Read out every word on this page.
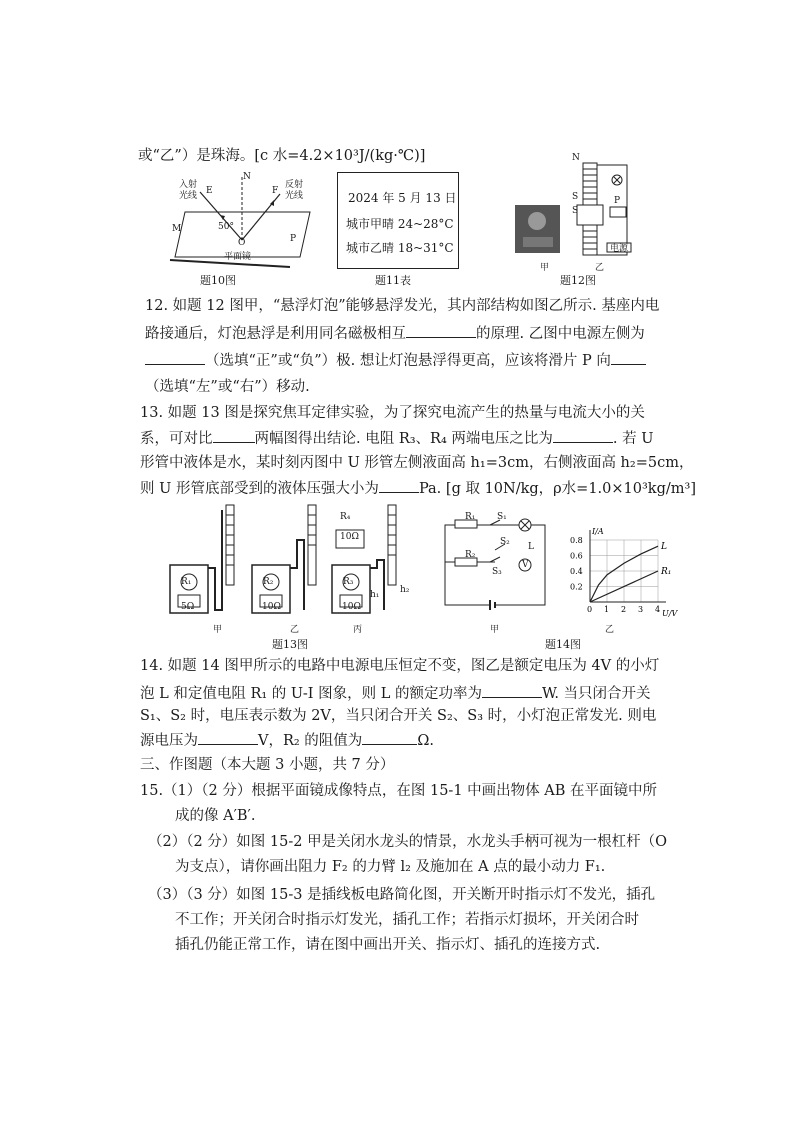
或“乙”）是珠海。[c 水=4.2×10³J/(kg·℃)]
入射光线
反射光线
E
N
F
M
O	P
50°
平面镜
题10图
2024 年 5 月 13 日
城市甲晴 24~28°C
城市乙晴 18~31°C
题11表
N
S
S
P
电源
甲	乙
题12图
12. 如题 12 图甲，“悬浮灯泡”能够悬浮发光，其内部结构如图乙所示. 基座内电
路接通后，灯泡悬浮是利用同名磁极相互	的原理. 乙图中电源左侧为
（选填“正”或“负”）极. 想让灯泡悬浮得更高，应该将滑片 P 向
（选填“左”或“右”）移动.
13. 如题 13 图是探究焦耳定律实验，为了探究电流产生的热量与电流大小的关
系，可对比	两幅图得出结论. 电阻 R₃、R₄ 两端电压之比为	. 若 U
形管中液体是水，某时刻丙图中 U 形管左侧液面高 h₁=3cm，右侧液面高 h₂=5cm，
则 U 形管底部受到的液体压强大小为	Pa. [g 取 10N/kg，ρ水=1.0×10³kg/m³]
R₁
5Ω
R₂
10Ω
R₃
10Ω
R₄
10Ω
h₁ h₂
甲	乙	丙
题13图
R₁
R₂
S₁
S₂
S₃
L
V
甲
0 1 2 3 4
0.2
0.4
0.6
0.8
I/A
U/V
L
R₁
乙
题14图
14. 如题 14 图甲所示的电路中电源电压恒定不变，图乙是额定电压为 4V 的小灯
泡 L 和定值电阻 R₁ 的 U-I 图象，则 L 的额定功率为	W. 当只闭合开关
S₁、S₂ 时，电压表示数为 2V，当只闭合开关 S₂、S₃ 时，小灯泡正常发光. 则电
源电压为	V，R₂ 的阻值为	Ω.
三、作图题（本大题 3 小题，共 7 分）
15.（1）（2 分）根据平面镜成像特点，在图 15-1 中画出物体 AB 在平面镜中所
成的像 A′B′.
（2）（2 分）如图 15-2 甲是关闭水龙头的情景，水龙头手柄可视为一根杠杆（O
为支点），请你画出阻力 F₂ 的力臂 l₂ 及施加在 A 点的最小动力 F₁.
（3）（3 分）如图 15-3 是插线板电路简化图，开关断开时指示灯不发光，插孔
不工作；开关闭合时指示灯发光，插孔工作；若指示灯损坏，开关闭合时
插孔仍能正常工作，请在图中画出开关、指示灯、插孔的连接方式.
